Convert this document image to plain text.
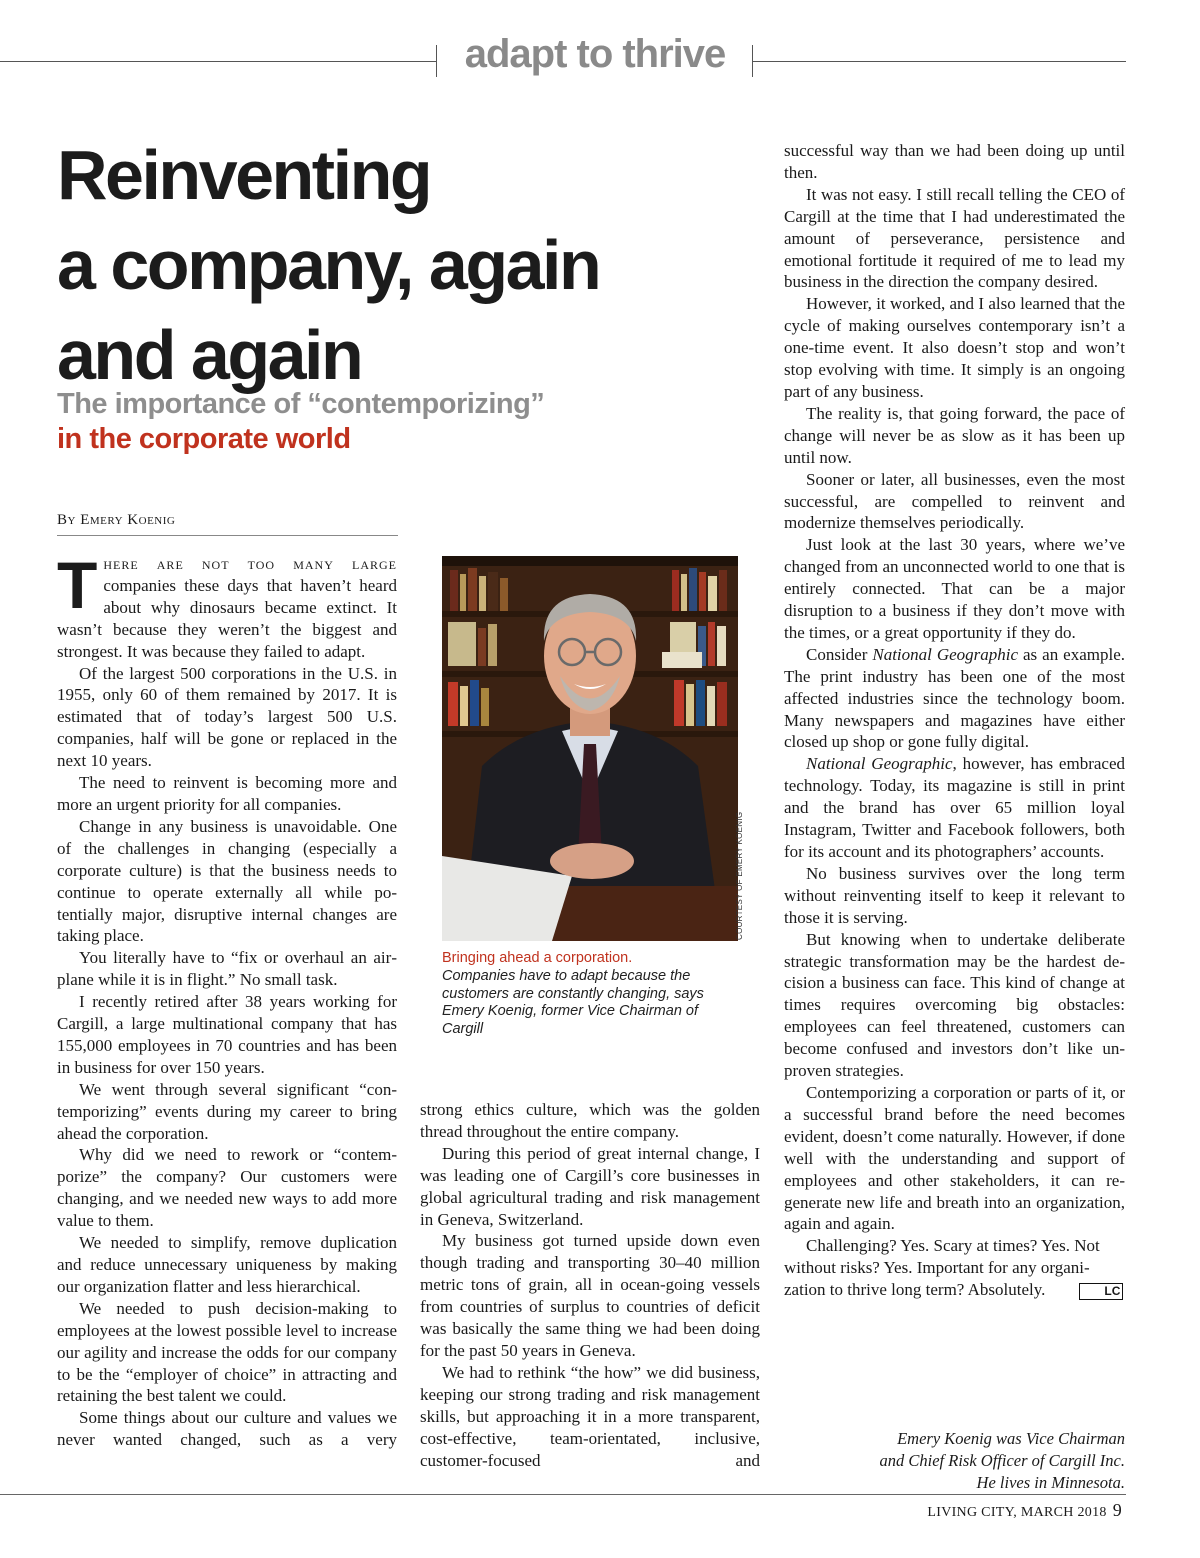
adapt to thrive
Reinventing
a company, again
and again
The importance of “contemporizing”
in the corporate world
By Emery Koenig

There are not too many large companies these days that haven’t heard about why dinosaurs became extinct. It wasn’t because they weren’t the biggest and strongest. It was because they failed to adapt.

Of the largest 500 corporations in the U.S. in 1955, only 60 of them remained by 2017. It is estimated that of today’s largest 500 U.S. companies, half will be gone or replaced in the next 10 years.

The need to reinvent is becoming more and more an urgent priority for all companies.

Change in any business is unavoidable. One of the challenges in changing (especially a corporate culture) is that the business needs to continue to operate externally all while potentially major, disruptive internal changes are taking place.

You literally have to “fix or overhaul an airplane while it is in flight.” No small task.

I recently retired after 38 years working for Cargill, a large multinational company that has 155,000 employees in 70 countries and has been in business for over 150 years.

We went through several significant “contemporizing” events during my career to bring ahead the corporation.

Why did we need to rework or “contemporize” the company? Our customers were changing, and we needed new ways to add more value to them.

We needed to simplify, remove duplication and reduce unnecessary uniqueness by making our organization flatter and less hierarchical.

We needed to push decision-making to employees at the lowest possible level to increase our agility and increase the odds for our company to be the “employer of choice” in attracting and retaining the best talent we could.

Some things about our culture and values we never wanted changed, such as a very

COURTESY OF EMERY KOENIG
Bringing ahead a corporation.
Companies have to adapt because the customers are constantly changing, says Emery Koenig, former Vice Chairman of Cargill

strong ethics culture, which was the golden thread throughout the entire company.

During this period of great internal change, I was leading one of Cargill’s core businesses in global agricultural trading and risk management in Geneva, Switzerland.

My business got turned upside down even though trading and transporting 30–40 million metric tons of grain, all in ocean-going vessels from countries of surplus to countries of deficit was basically the same thing we had been doing for the past 50 years in Geneva.

We had to rethink “the how” we did business, keeping our strong trading and risk management skills, but approaching it in a more transparent, cost-effective, team-orientated, inclusive, customer-focused and

successful way than we had been doing up until then.

It was not easy. I still recall telling the CEO of Cargill at the time that I had underestimated the amount of perseverance, persistence and emotional fortitude it required of me to lead my business in the direction the company desired.

However, it worked, and I also learned that the cycle of making ourselves contemporary isn’t a one-time event. It also doesn’t stop and won’t stop evolving with time. It simply is an ongoing part of any business.

The reality is, that going forward, the pace of change will never be as slow as it has been up until now.

Sooner or later, all businesses, even the most successful, are compelled to reinvent and modernize themselves periodically.

Just look at the last 30 years, where we’ve changed from an unconnected world to one that is entirely connected. That can be a major disruption to a business if they don’t move with the times, or a great opportunity if they do.

Consider National Geographic as an example. The print industry has been one of the most affected industries since the technology boom. Many newspapers and magazines have either closed up shop or gone fully digital.

National Geographic, however, has embraced technology. Today, its magazine is still in print and the brand has over 65 million loyal Instagram, Twitter and Facebook followers, both for its account and its photographers’ accounts.

No business survives over the long term without reinventing itself to keep it relevant to those it is serving.

But knowing when to undertake deliberate strategic transformation may be the hardest decision a business can face. This kind of change at times requires overcoming big obstacles: employees can feel threatened, customers can become confused and investors don’t like unproven strategies.

Contemporizing a corporation or parts of it, or a successful brand before the need becomes evident, doesn’t come naturally. However, if done well with the understanding and support of employees and other stakeholders, it can regenerate new life and breath into an organization, again and again.

Challenging? Yes. Scary at times? Yes. Not without risks? Yes. Important for any organization to thrive long term? Absolutely.	LC

Emery Koenig was Vice Chairman
and Chief Risk Officer of Cargill Inc.
He lives in Minnesota.
LIVING CITY, MARCH 2018 9
